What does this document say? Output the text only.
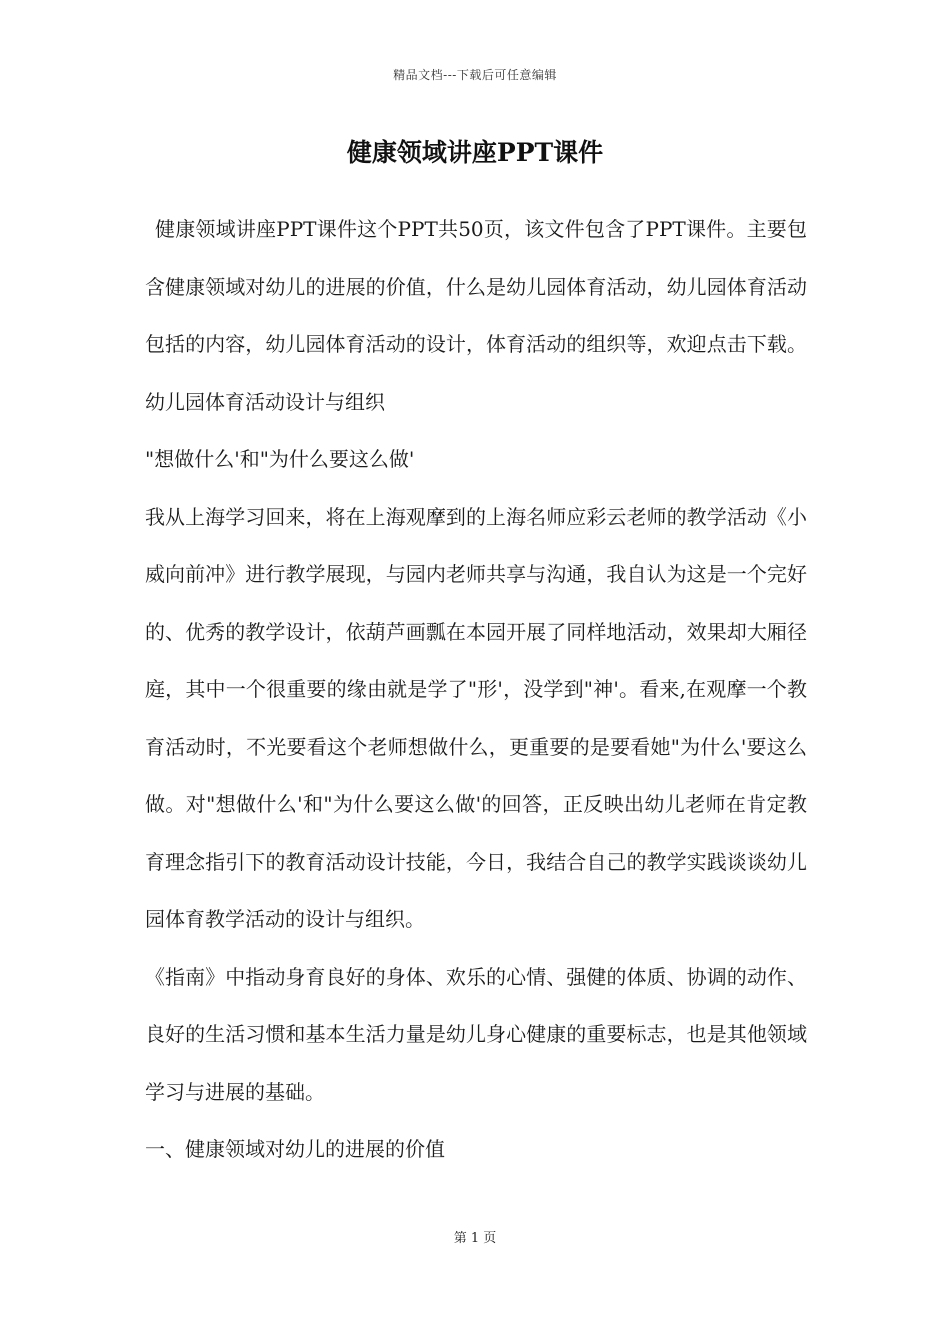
精品文档---下载后可任意编辑
健康领域讲座PPT课件

健康领域讲座PPT课件这个PPT共50页，该文件包含了PPT课件。主要包含健康领域对幼儿的进展的价值，什么是幼儿园体育活动，幼儿园体育活动包括的内容，幼儿园体育活动的设计，体育活动的组织等，欢迎点击下载。幼儿园体育活动设计与组织

"想做什么'和"为什么要这么做'

我从上海学习回来，将在上海观摩到的上海名师应彩云老师的教学活动《小威向前冲》进行教学展现，与园内老师共享与沟通，我自认为这是一个完好的、优秀的教学设计，依葫芦画瓢在本园开展了同样地活动，效果却大厢径庭，其中一个很重要的缘由就是学了"形'，没学到"神'。看来,在观摩一个教育活动时，不光要看这个老师想做什么，更重要的是要看她"为什么'要这么做。对"想做什么'和"为什么要这么做'的回答，正反映出幼儿老师在肯定教育理念指引下的教育活动设计技能，今日，我结合自己的教学实践谈谈幼儿园体育教学活动的设计与组织。

《指南》中指动身育良好的身体、欢乐的心情、强健的体质、协调的动作、良好的生活习惯和基本生活力量是幼儿身心健康的重要标志，也是其他领域学习与进展的基础。

一、健康领域对幼儿的进展的价值

第 1 页
